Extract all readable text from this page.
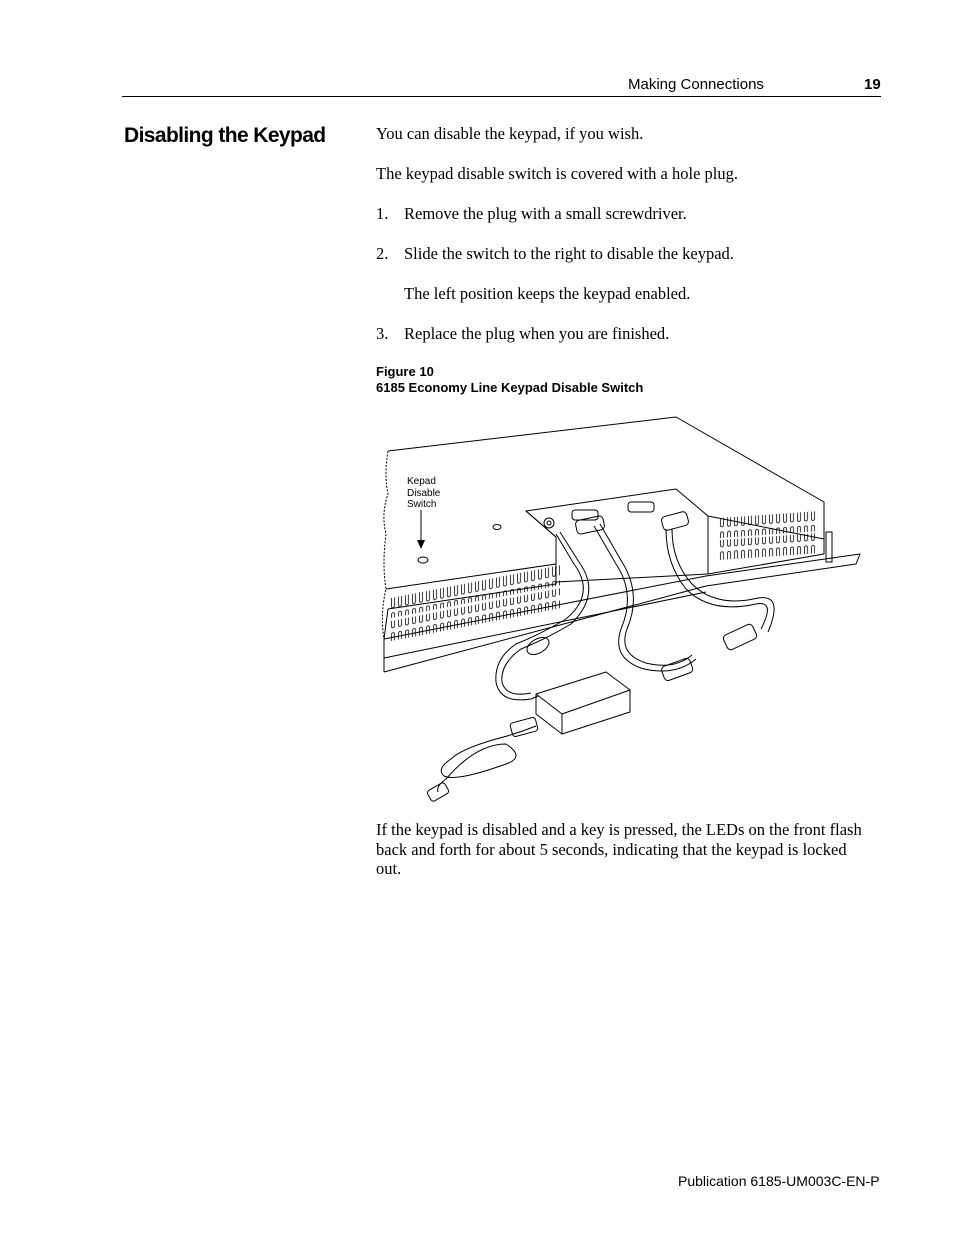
Making Connections	19
Disabling the Keypad	You can disable the keypad, if you wish.
The keypad disable switch is covered with a hole plug.
1. Remove the plug with a small screwdriver.
2. Slide the switch to the right to disable the keypad.
The left position keeps the keypad enabled.
3. Replace the plug when you are finished.
Figure 10
6185 Economy Line Keypad Disable Switch
Kepad
Disable
Switch
If the keypad is disabled and a key is pressed, the LEDs on the front flash back and forth for about 5 seconds, indicating that the keypad is locked out.
Publication 6185-UM003C-EN-P
